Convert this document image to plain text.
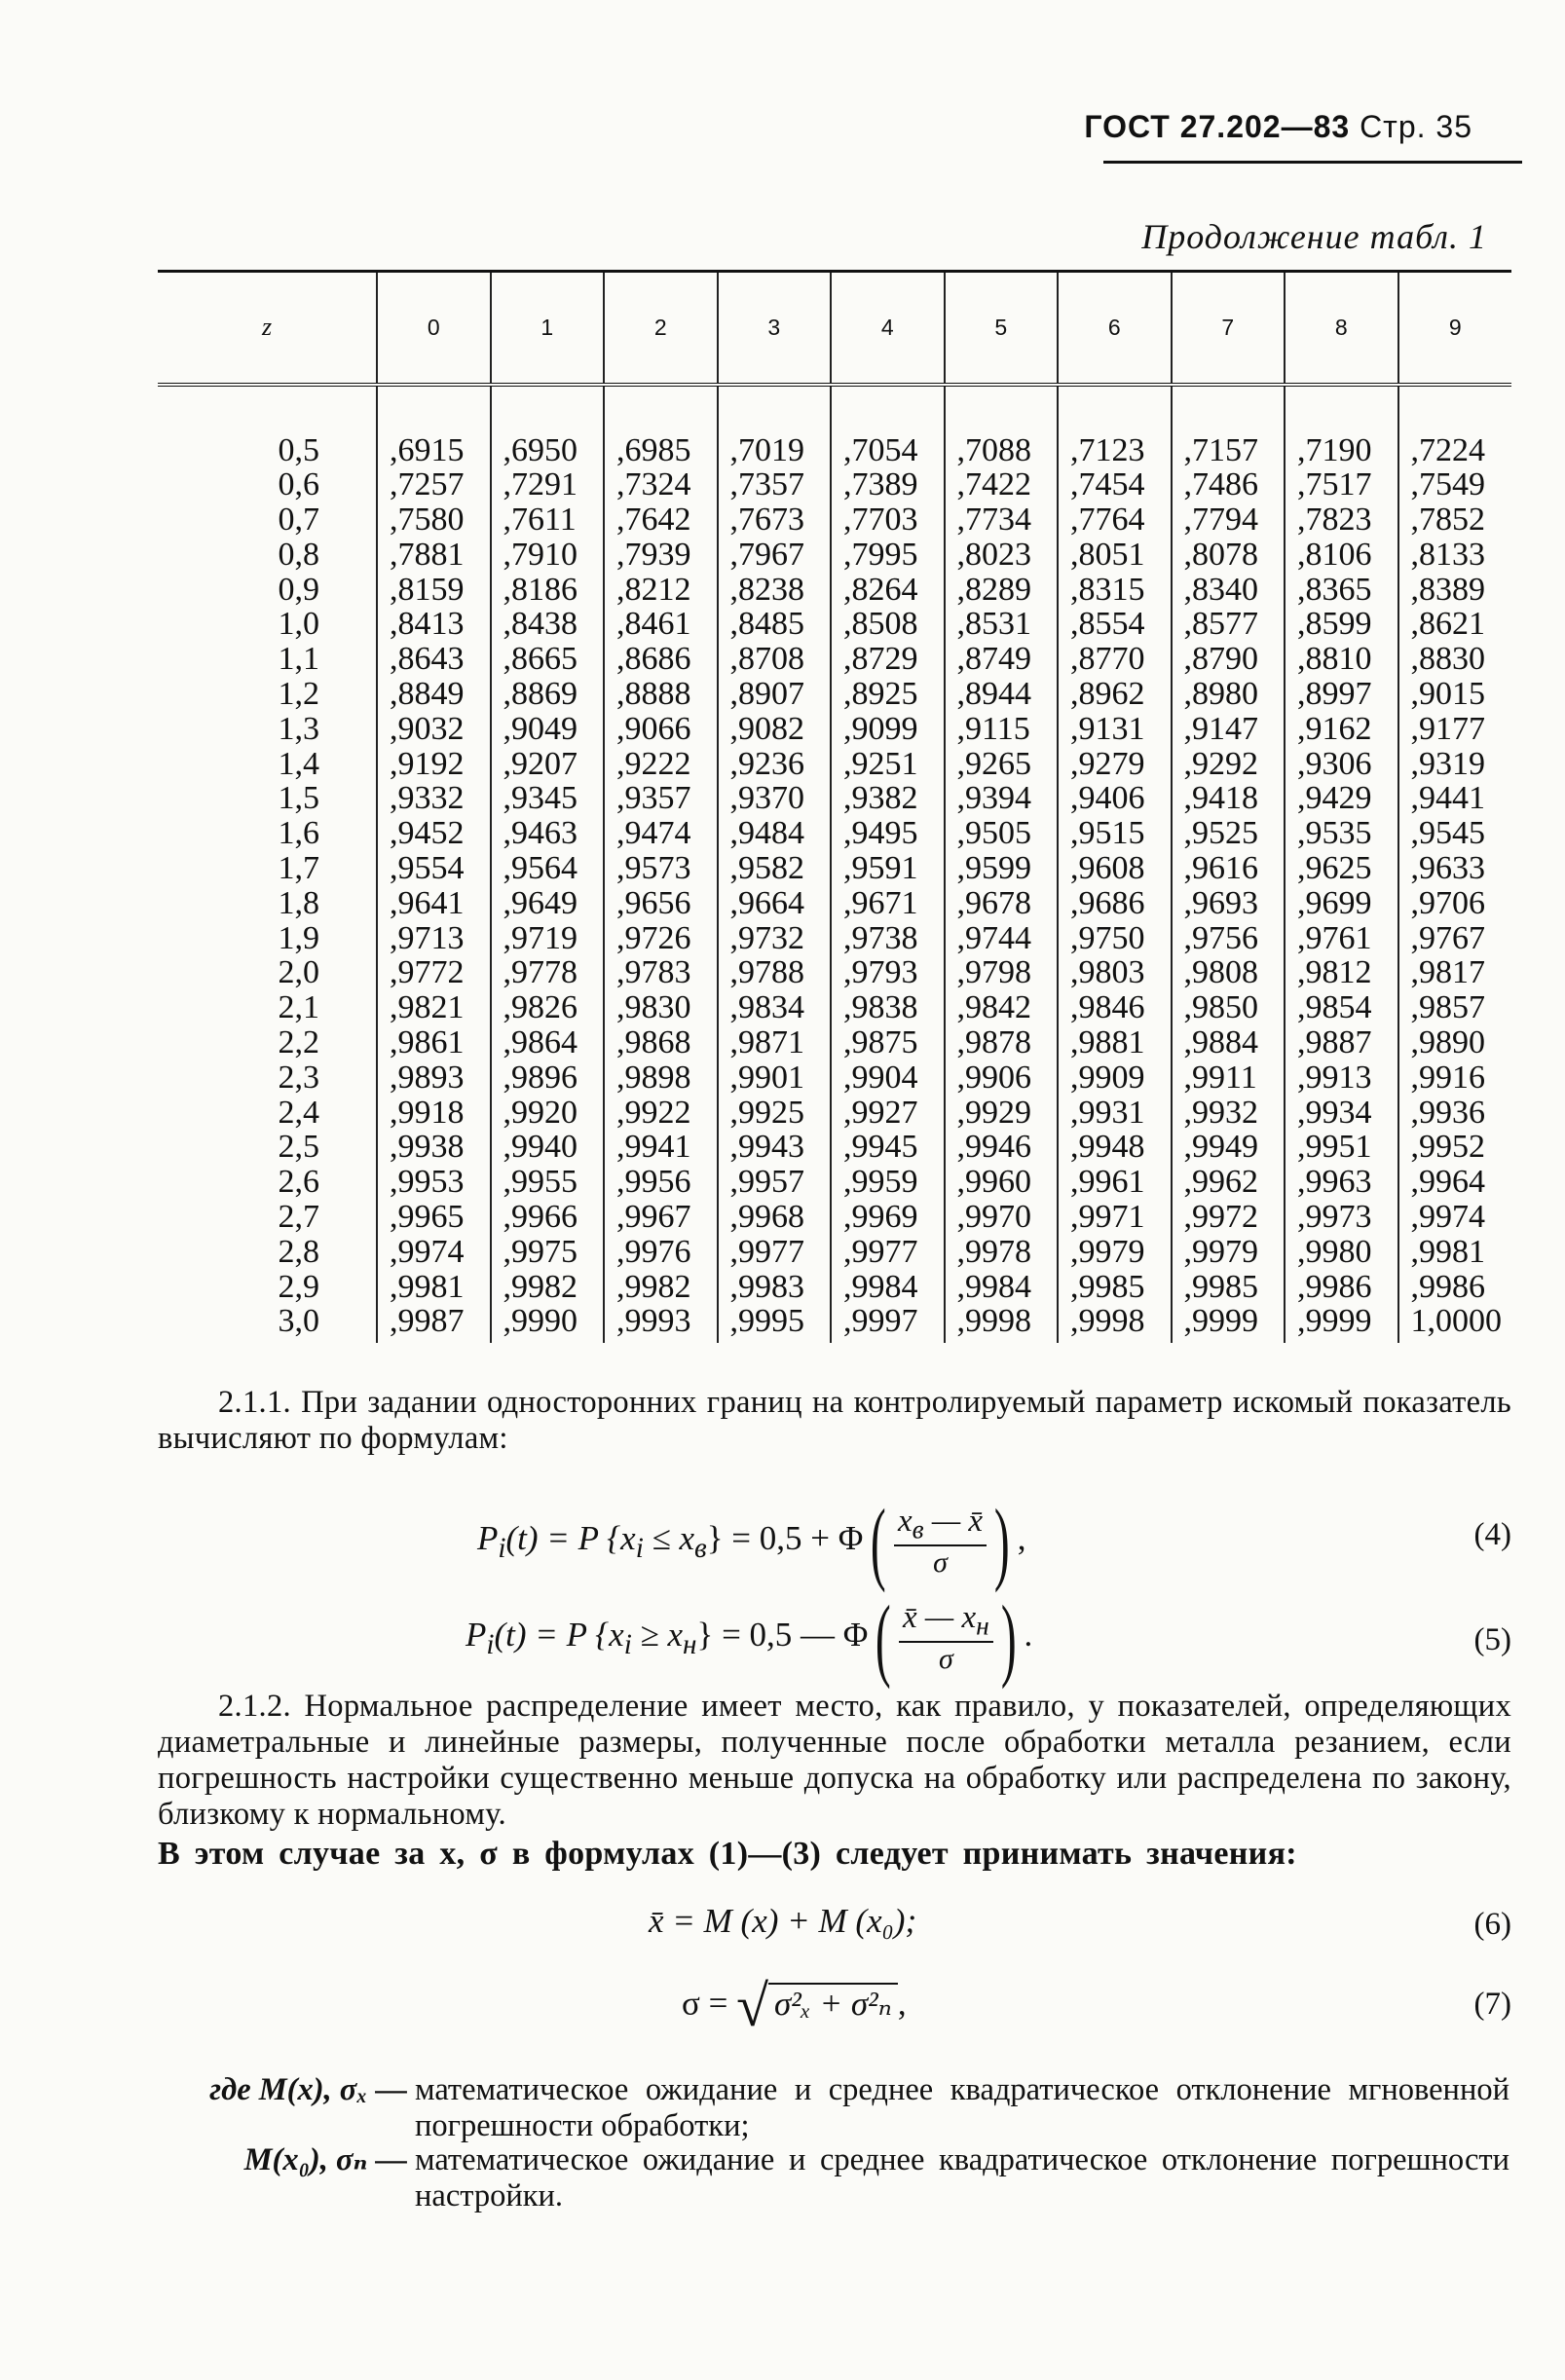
ГОСТ 27.202—83 Стр. 35
Продолжение табл. 1
z	0	1	2	3	4	5	6	7	8	9
0,5	,6915	,6950	,6985	,7019	,7054	,7088	,7123	,7157	,7190	,7224
0,6	,7257	,7291	,7324	,7357	,7389	,7422	,7454	,7486	,7517	,7549
0,7	,7580	,7611	,7642	,7673	,7703	,7734	,7764	,7794	,7823	,7852
0,8	,7881	,7910	,7939	,7967	,7995	,8023	,8051	,8078	,8106	,8133
0,9	,8159	,8186	,8212	,8238	,8264	,8289	,8315	,8340	,8365	,8389
1,0	,8413	,8438	,8461	,8485	,8508	,8531	,8554	,8577	,8599	,8621
1,1	,8643	,8665	,8686	,8708	,8729	,8749	,8770	,8790	,8810	,8830
1,2	,8849	,8869	,8888	,8907	,8925	,8944	,8962	,8980	,8997	,9015
1,3	,9032	,9049	,9066	,9082	,9099	,9115	,9131	,9147	,9162	,9177
1,4	,9192	,9207	,9222	,9236	,9251	,9265	,9279	,9292	,9306	,9319
1,5	,9332	,9345	,9357	,9370	,9382	,9394	,9406	,9418	,9429	,9441
1,6	,9452	,9463	,9474	,9484	,9495	,9505	,9515	,9525	,9535	,9545
1,7	,9554	,9564	,9573	,9582	,9591	,9599	,9608	,9616	,9625	,9633
1,8	,9641	,9649	,9656	,9664	,9671	,9678	,9686	,9693	,9699	,9706
1,9	,9713	,9719	,9726	,9732	,9738	,9744	,9750	,9756	,9761	,9767
2,0	,9772	,9778	,9783	,9788	,9793	,9798	,9803	,9808	,9812	,9817
2,1	,9821	,9826	,9830	,9834	,9838	,9842	,9846	,9850	,9854	,9857
2,2	,9861	,9864	,9868	,9871	,9875	,9878	,9881	,9884	,9887	,9890
2,3	,9893	,9896	,9898	,9901	,9904	,9906	,9909	,9911	,9913	,9916
2,4	,9918	,9920	,9922	,9925	,9927	,9929	,9931	,9932	,9934	,9936
2,5	,9938	,9940	,9941	,9943	,9945	,9946	,9948	,9949	,9951	,9952
2,6	,9953	,9955	,9956	,9957	,9959	,9960	,9961	,9962	,9963	,9964
2,7	,9965	,9966	,9967	,9968	,9969	,9970	,9971	,9972	,9973	,9974
2,8	,9974	,9975	,9976	,9977	,9977	,9978	,9979	,9979	,9980	,9981
2,9	,9981	,9982	,9982	,9983	,9984	,9984	,9985	,9985	,9986	,9986
3,0	,9987	,9990	,9993	,9995	,9997	,9998	,9998	,9999	,9999	1,0000
2.1.1. При задании односторонних границ на контролируемый параметр искомый показатель вычисляют по формулам:
$P_i(t) = P$ $\{x_i \le x_в\} = 0,5 + \Phi( \frac{x_в — x̄}{\sigma}$ ) ,	(4)
$P_i(t) = P$ $\{x_i \ge x_н\} = 0,5$ — $\Phi( \frac{x̄ — x_н}{\sigma}$ ) .	(5)
2.1.2. Нормальное распределение имеет место, как правило, у показателей, определяющих диаметральные и линейные размеры, полученные после обработки металла резанием, если погрешность настройки существенно меньше допуска на обработку или распределена по закону, близкому к нормальному.
В этом случае за x, σ в формулах (1)—(3) следует принимать значения:
x̄ = M (x) + M (x₀);	(6)
σ = √ σ²ₓ + σ²ₙ ,	(7)
где M(x), σₓ — математическое ожидание и среднее квадратическое отклонение мгновенной погрешности обработки;
M(x₀), σₙ — математическое ожидание и среднее квадратическое отклонение погрешности настройки.
